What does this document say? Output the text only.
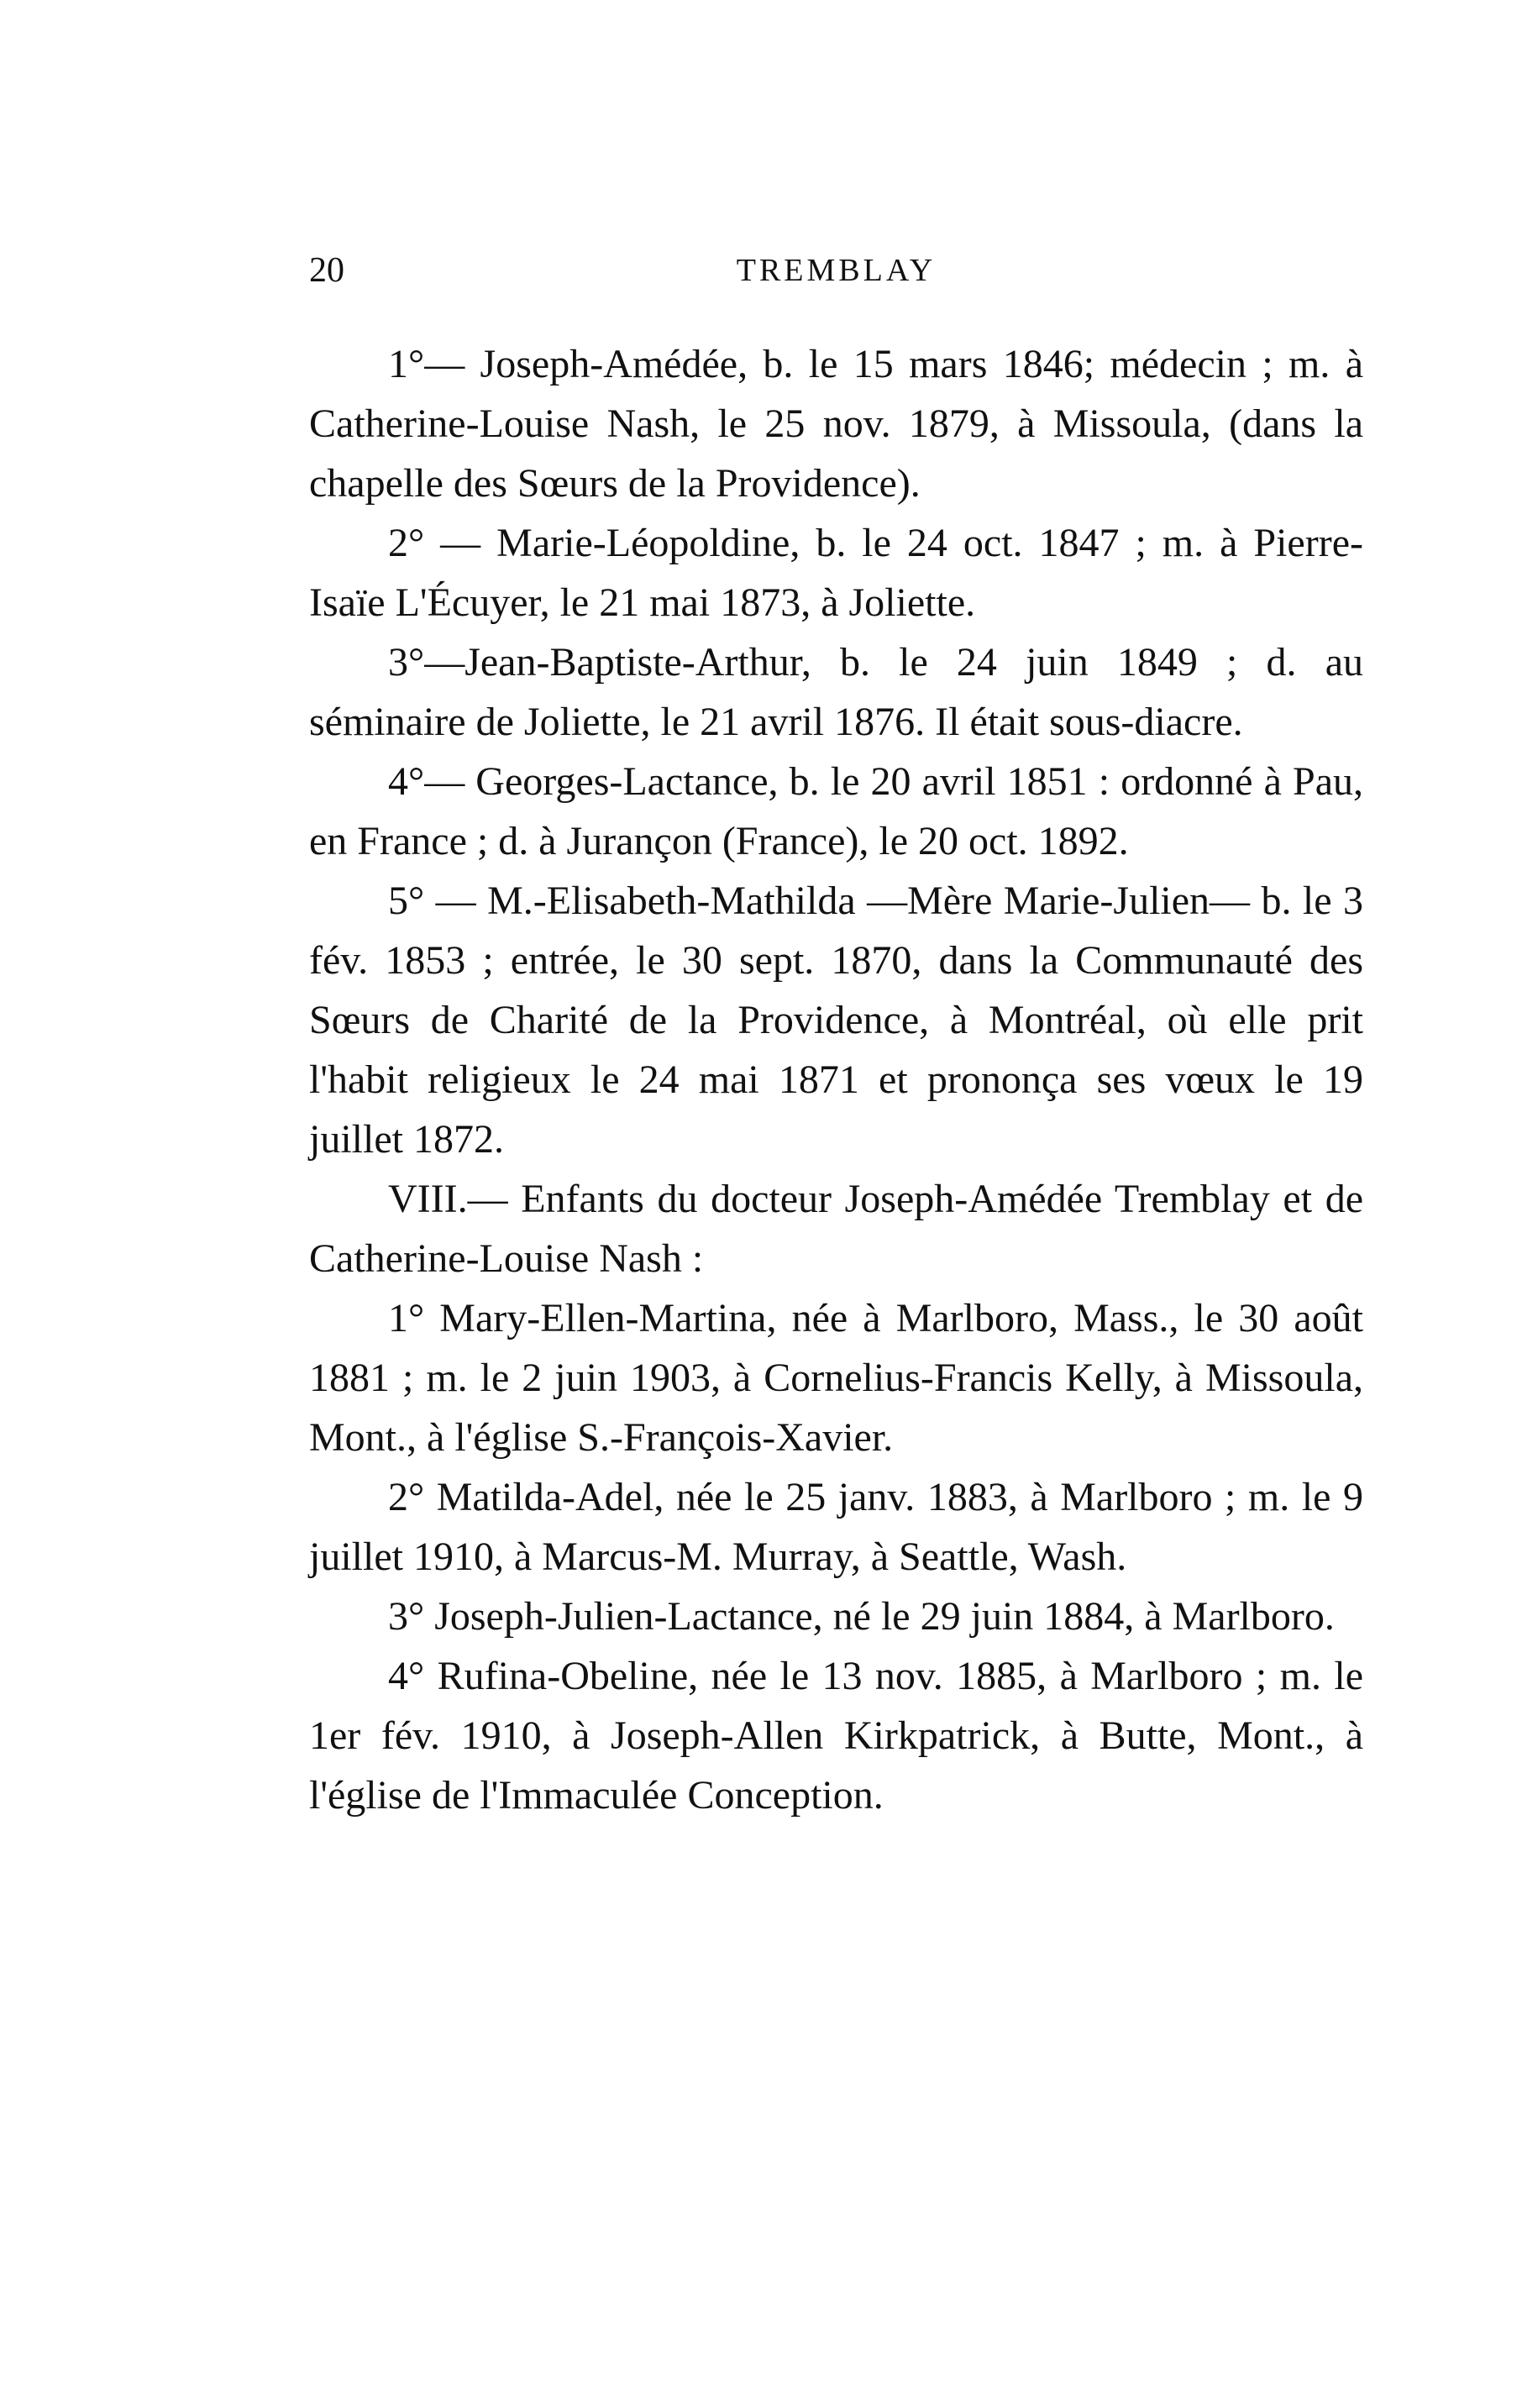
20	TREMBLAY

1°— Joseph-Amédée, b. le 15 mars 1846; médecin ; m. à Catherine-Louise Nash, le 25 nov. 1879, à Missoula, (dans la chapelle des Sœurs de la Providence).

2° — Marie-Léopoldine, b. le 24 oct. 1847 ; m. à Pierre-Isaïe L'Écuyer, le 21 mai 1873, à Joliette.

3°—Jean-Baptiste-Arthur, b. le 24 juin 1849 ; d. au séminaire de Joliette, le 21 avril 1876. Il était sous-diacre.

4°— Georges-Lactance, b. le 20 avril 1851 : ordonné à Pau, en France ; d. à Jurançon (France), le 20 oct. 1892.

5° — M.-Elisabeth-Mathilda —Mère Marie-Julien— b. le 3 fév. 1853 ; entrée, le 30 sept. 1870, dans la Communauté des Sœurs de Charité de la Providence, à Montréal, où elle prit l'habit religieux le 24 mai 1871 et prononça ses vœux le 19 juillet 1872.

VIII.— Enfants du docteur Joseph-Amédée Tremblay et de Catherine-Louise Nash :

1° Mary-Ellen-Martina, née à Marlboro, Mass., le 30 août 1881 ; m. le 2 juin 1903, à Cornelius-Francis Kelly, à Missoula, Mont., à l'église S.-François-Xavier.

2° Matilda-Adel, née le 25 janv. 1883, à Marlboro ; m. le 9 juillet 1910, à Marcus-M. Murray, à Seattle, Wash.

3° Joseph-Julien-Lactance, né le 29 juin 1884, à Marlboro.

4° Rufina-Obeline, née le 13 nov. 1885, à Marlboro ; m. le 1er fév. 1910, à Joseph-Allen Kirkpatrick, à Butte, Mont., à l'église de l'Immaculée Conception.
